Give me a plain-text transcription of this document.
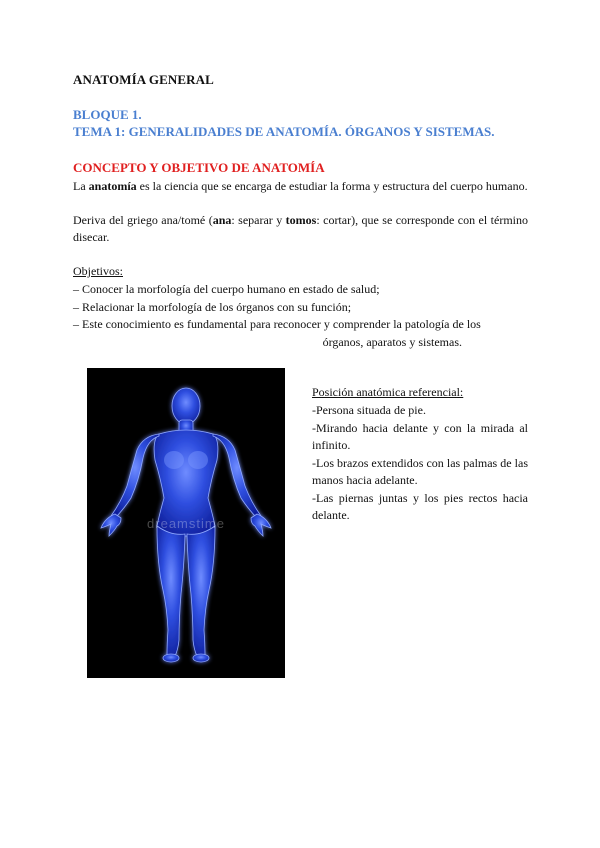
ANATOMÍA GENERAL
BLOQUE 1.
TEMA 1: GENERALIDADES DE ANATOMÍA. ÓRGANOS Y SISTEMAS.
CONCEPTO Y OBJETIVO DE ANATOMÍA
La anatomía es la ciencia que se encarga de estudiar la forma y estructura del cuerpo humano.
Deriva del griego ana/tomé (ana: separar y tomos: cortar), que se corresponde con el término disecar.
Objetivos:
– Conocer la morfología del cuerpo humano en estado de salud;
– Relacionar la morfología de los órganos con su función;
– Este conocimiento es fundamental para reconocer y comprender la patología de los
órganos, aparatos y sistemas.
dreamstime
Posición anatómica referencial:
-Persona situada de pie.
-Mirando hacia delante y con la mirada al infinito.
-Los brazos extendidos con las palmas de las manos hacia adelante.
-Las piernas juntas y los pies rectos hacia delante.
